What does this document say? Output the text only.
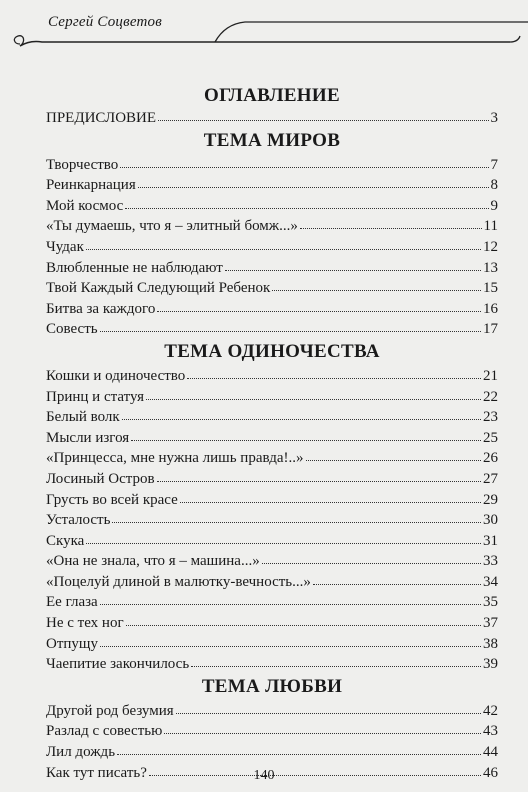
Сергей Соцветов
ОГЛАВЛЕНИЕ
ПРЕДИСЛОВИЕ	3
ТЕМА МИРОВ
Творчество	7
Реинкарнация	8
Мой космос	9
«Ты думаешь, что я – элитный бомж...»	11
Чудак	12
Влюбленные не наблюдают	13
Твой Каждый Следующий Ребенок	15
Битва за каждого	16
Совесть	17
ТЕМА ОДИНОЧЕСТВА
Кошки и одиночество	21
Принц и статуя	22
Белый волк	23
Мысли изгоя	25
«Принцесса, мне нужна лишь правда!..»	26
Лосиный Остров	27
Грусть во всей красе	29
Усталость	30
Скука	31
«Она не знала, что я – машина...»	33
«Поцелуй длиной в малютку-вечность...»	34
Ее глаза	35
Не с тех ног	37
Отпущу	38
Чаепитие закончилось	39
ТЕМА ЛЮБВИ
Другой род безумия	42
Разлад с совестью	43
Лил дождь	44
Как тут писать?	46
140
